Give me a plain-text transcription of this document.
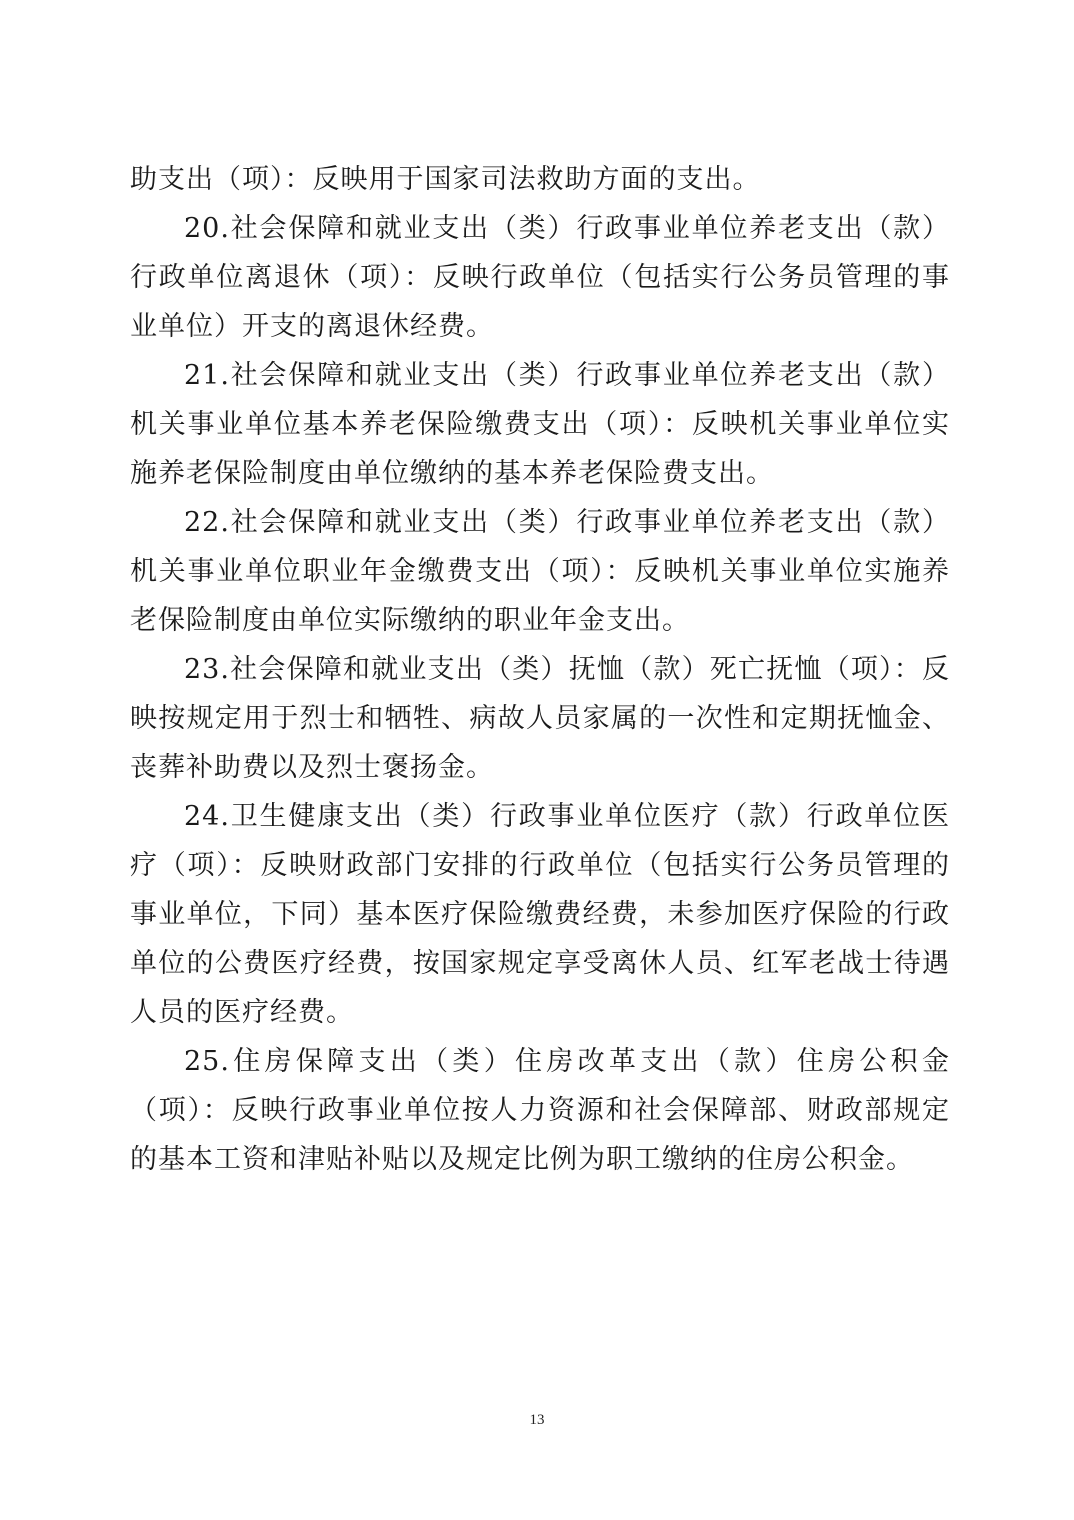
助支出（项）：反映用于国家司法救助方面的支出。

20.社会保障和就业支出（类）行政事业单位养老支出（款）行政单位离退休（项）：反映行政单位（包括实行公务员管理的事业单位）开支的离退休经费。

21.社会保障和就业支出（类）行政事业单位养老支出（款）机关事业单位基本养老保险缴费支出（项）：反映机关事业单位实施养老保险制度由单位缴纳的基本养老保险费支出。

22.社会保障和就业支出（类）行政事业单位养老支出（款）机关事业单位职业年金缴费支出（项）：反映机关事业单位实施养老保险制度由单位实际缴纳的职业年金支出。

23.社会保障和就业支出（类）抚恤（款）死亡抚恤（项）：反映按规定用于烈士和牺牲、病故人员家属的一次性和定期抚恤金、丧葬补助费以及烈士褒扬金。

24.卫生健康支出（类）行政事业单位医疗（款）行政单位医疗（项）：反映财政部门安排的行政单位（包括实行公务员管理的事业单位，下同）基本医疗保险缴费经费，未参加医疗保险的行政单位的公费医疗经费，按国家规定享受离休人员、红军老战士待遇人员的医疗经费。

25.住房保障支出（类）住房改革支出（款）住房公积金（项）：反映行政事业单位按人力资源和社会保障部、财政部规定的基本工资和津贴补贴以及规定比例为职工缴纳的住房公积金。

13
